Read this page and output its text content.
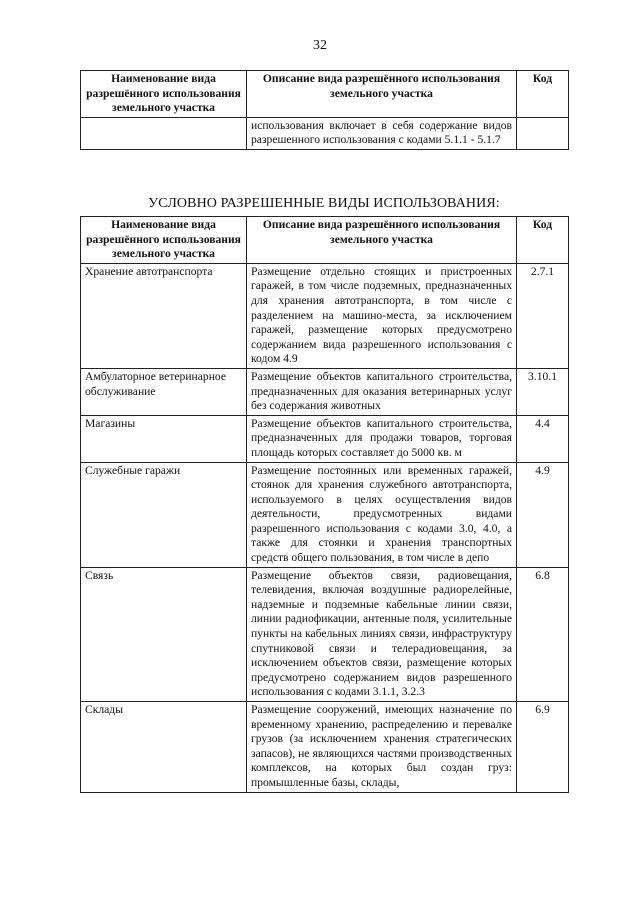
32
Наименование вида разрешённого использования земельного участка	Описание вида разрешённого использования земельного участка	Код
	использования включает в себя содержание видов разрешенного использования с кодами 5.1.1 - 5.1.7	
УСЛОВНО РАЗРЕШЕННЫЕ ВИДЫ ИСПОЛЬЗОВАНИЯ:
Наименование вида разрешённого использования земельного участка	Описание вида разрешённого использования земельного участка	Код
Хранение автотранспорта	Размещение отдельно стоящих и пристроенных гаражей, в том числе подземных, предназначенных для хранения автотранспорта, в том числе с разделением на машино-места, за исключением гаражей, размещение которых предусмотрено содержанием вида разрешенного использования с кодом 4.9	2.7.1
Амбулаторное ветеринарное обслуживание	Размещение объектов капитального строительства, предназначенных для оказания ветеринарных услуг без содержания животных	3.10.1
Магазины	Размещение объектов капитального строительства, предназначенных для продажи товаров, торговая площадь которых составляет до 5000 кв. м	4.4
Служебные гаражи	Размещение постоянных или временных гаражей, стоянок для хранения служебного автотранспорта, используемого в целях осуществления видов деятельности, предусмотренных видами разрешенного использования с кодами 3.0, 4.0, а также для стоянки и хранения транспортных средств общего пользования, в том числе в депо	4.9
Связь	Размещение объектов связи, радиовещания, телевидения, включая воздушные радиорелейные, надземные и подземные кабельные линии связи, линии радиофикации, антенные поля, усилительные пункты на кабельных линиях связи, инфраструктуру спутниковой связи и телерадиовещания, за исключением объектов связи, размещение которых предусмотрено содержанием видов разрешенного использования с кодами 3.1.1, 3.2.3	6.8
Склады	Размещение сооружений, имеющих назначение по временному хранению, распределению и перевалке грузов (за исключением хранения стратегических запасов), не являющихся частями производственных комплексов, на которых был создан груз: промышленные базы, склады,	6.9
